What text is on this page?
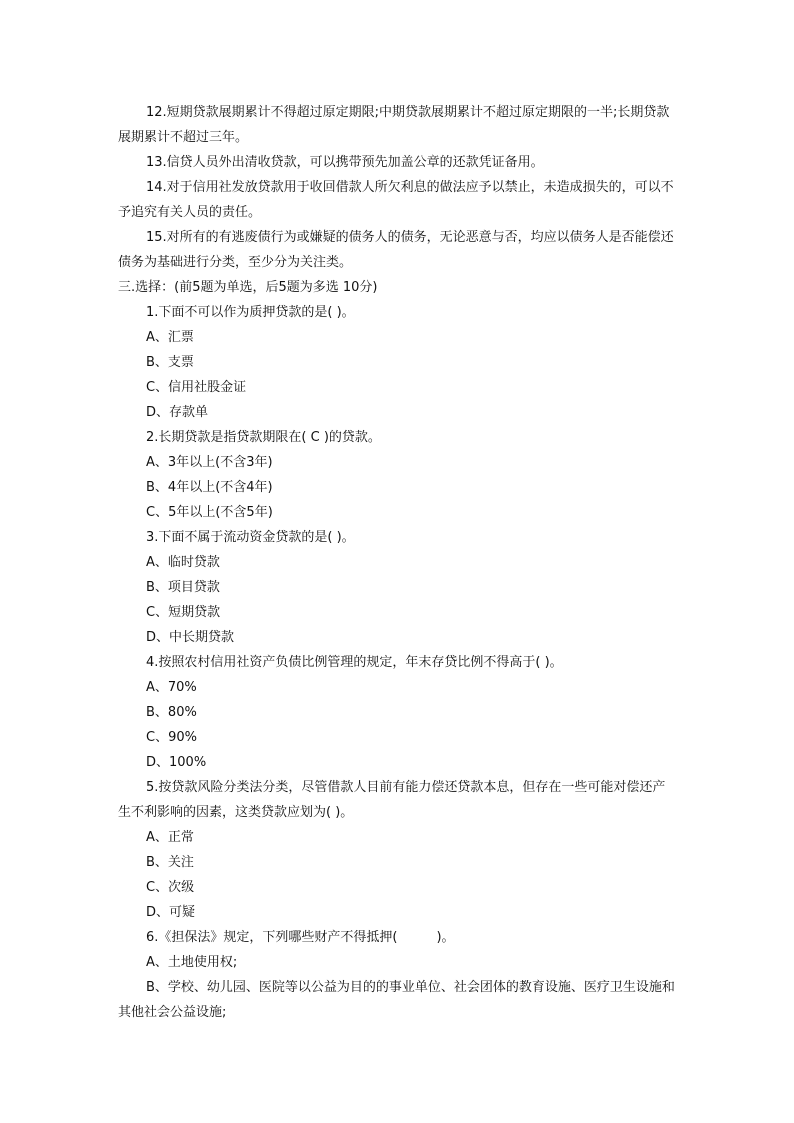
12.短期贷款展期累计不得超过原定期限;中期贷款展期累计不超过原定期限的一半;长期贷款展期累计不超过三年。

13.信贷人员外出清收贷款，可以携带预先加盖公章的还款凭证备用。

14.对于信用社发放贷款用于收回借款人所欠利息的做法应予以禁止，未造成损失的，可以不予追究有关人员的责任。

15.对所有的有逃废债行为或嫌疑的债务人的债务，无论恶意与否，均应以债务人是否能偿还债务为基础进行分类，至少分为关注类。

三.选择：(前5题为单选，后5题为多选 10分)

1.下面不可以作为质押贷款的是( )。

A、汇票

B、支票

C、信用社股金证

D、存款单

2.长期贷款是指贷款期限在( C )的贷款。

A、3年以上(不含3年)

B、4年以上(不含4年)

C、5年以上(不含5年)

3.下面不属于流动资金贷款的是( )。

A、临时贷款

B、项目贷款

C、短期贷款

D、中长期贷款

4.按照农村信用社资产负债比例管理的规定，年末存贷比例不得高于( )。

A、70%

B、80%

C、90%

D、100%

5.按贷款风险分类法分类，尽管借款人目前有能力偿还贷款本息，但存在一些可能对偿还产生不利影响的因素，这类贷款应划为( )。

A、正常

B、关注

C、次级

D、可疑

6.《担保法》规定，下列哪些财产不得抵押(　　　)。

A、土地使用权;

B、学校、幼儿园、医院等以公益为目的的事业单位、社会团体的教育设施、医疗卫生设施和其他社会公益设施;
